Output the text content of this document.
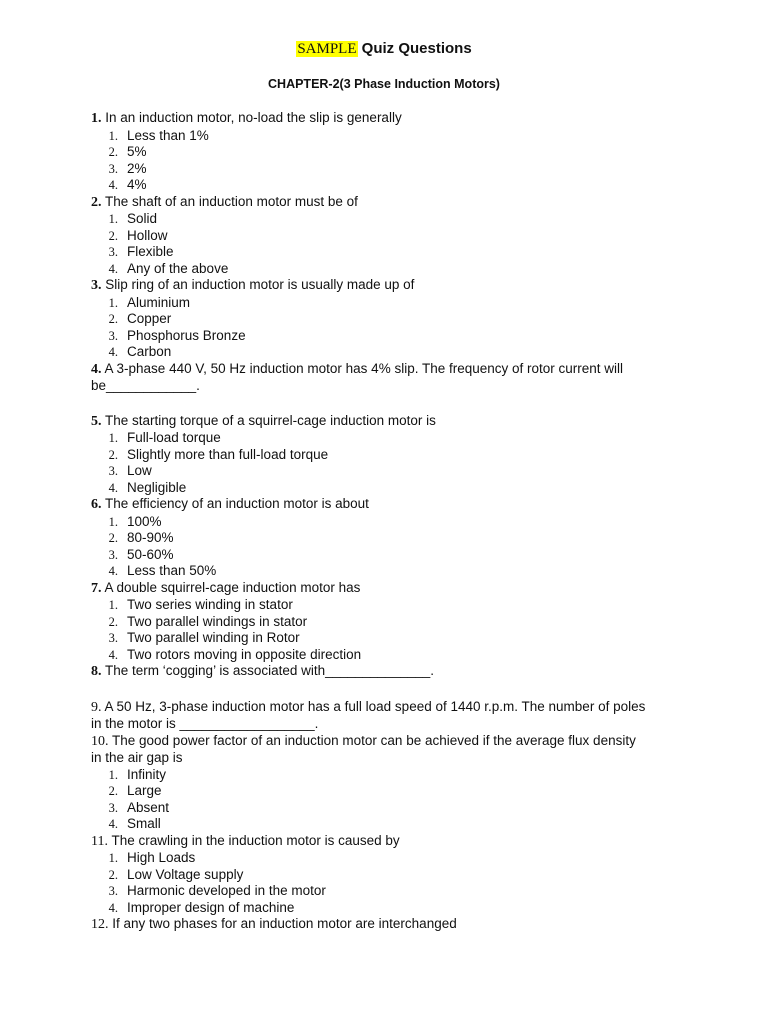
SAMPLE Quiz Questions
CHAPTER-2(3 Phase Induction Motors)

1. In an induction motor, no-load the slip is generally

1. Less than 1%
2. 5%
3. 2%
4. 4%

2. The shaft of an induction motor must be of

1. Solid
2. Hollow
3. Flexible
4. Any of the above

3. Slip ring of an induction motor is usually made up of

1. Aluminium
2. Copper
3. Phosphorus Bronze
4. Carbon

4. A 3-phase 440 V, 50 Hz induction motor has 4% slip. The frequency of rotor current will

be____________.

5. The starting torque of a squirrel-cage induction motor is

1. Full-load torque
2. Slightly more than full-load torque
3. Low
4. Negligible

6. The efficiency of an induction motor is about

1. 100%
2. 80-90%
3. 50-60%
4. Less than 50%

7. A double squirrel-cage induction motor has

1. Two series winding in stator
2. Two parallel windings in stator
3. Two parallel winding in Rotor
4. Two rotors moving in opposite direction

8. The term ‘cogging’ is associated with______________.

9. A 50 Hz, 3-phase induction motor has a full load speed of 1440 r.p.m. The number of poles

in the motor is __________________.

10. The good power factor of an induction motor can be achieved if the average flux density

in the air gap is

1. Infinity
2. Large
3. Absent
4. Small

11. The crawling in the induction motor is caused by

1. High Loads
2. Low Voltage supply
3. Harmonic developed in the motor
4. Improper design of machine

12. If any two phases for an induction motor are interchanged
